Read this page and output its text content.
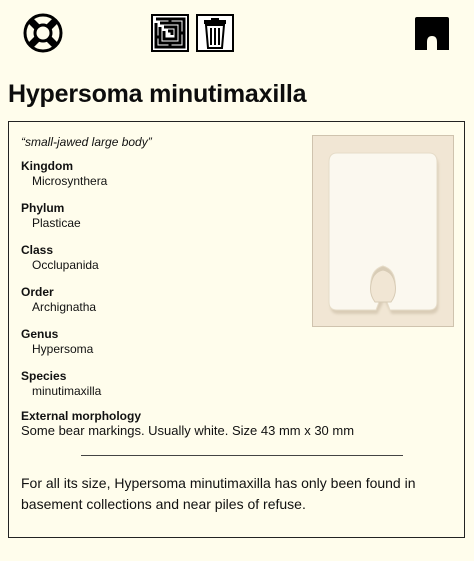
Hypersoma minutimaxilla
“small-jawed large body”
Kingdom
Microsynthera
Phylum
Plasticae
Class
Occlupanida
Order
Archignatha
Genus
Hypersoma
Species
minutimaxilla
External morphology
Some bear markings. Usually white. Size 43 mm x 30 mm

For all its size, Hypersoma minutimaxilla has only been found in basement collections and near piles of refuse.
